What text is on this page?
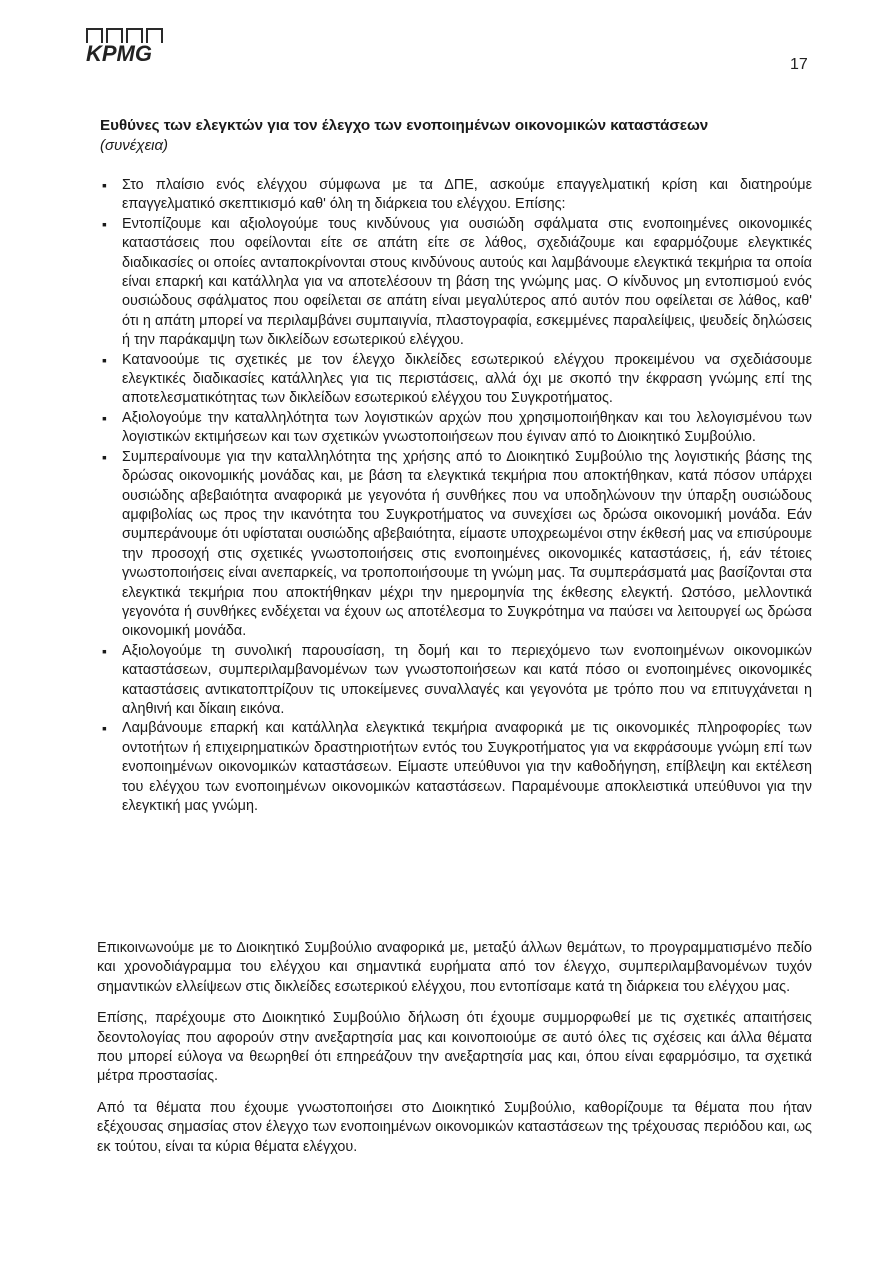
KPMG	17
Ευθύνες των ελεγκτών για τον έλεγχο των ενοποιημένων οικονομικών καταστάσεων
(συνέχεια)
▪ Στο πλαίσιο ενός ελέγχου σύμφωνα με τα ΔΠΕ, ασκούμε επαγγελματική κρίση και διατηρούμε επαγγελματικό σκεπτικισμό καθ' όλη τη διάρκεια του ελέγχου. Επίσης:
▪ Εντοπίζουμε και αξιολογούμε τους κινδύνους για ουσιώδη σφάλματα στις ενοποιημένες οικονομικές καταστάσεις που οφείλονται είτε σε απάτη είτε σε λάθος, σχεδιάζουμε και εφαρμόζουμε ελεγκτικές διαδικασίες οι οποίες ανταποκρίνονται στους κινδύνους αυτούς και λαμβάνουμε ελεγκτικά τεκμήρια τα οποία είναι επαρκή και κατάλληλα για να αποτελέσουν τη βάση της γνώμης μας. Ο κίνδυνος μη εντοπισμού ενός ουσιώδους σφάλματος που οφείλεται σε απάτη είναι μεγαλύτερος από αυτόν που οφείλεται σε λάθος, καθ' ότι η απάτη μπορεί να περιλαμβάνει συμπαιγνία, πλαστογραφία, εσκεμμένες παραλείψεις, ψευδείς δηλώσεις ή την παράκαμψη των δικλείδων εσωτερικού ελέγχου.
▪ Κατανοούμε τις σχετικές με τον έλεγχο δικλείδες εσωτερικού ελέγχου προκειμένου να σχεδιάσουμε ελεγκτικές διαδικασίες κατάλληλες για τις περιστάσεις, αλλά όχι με σκοπό την έκφραση γνώμης επί της αποτελεσματικότητας των δικλείδων εσωτερικού ελέγχου του Συγκροτήματος.
▪ Αξιολογούμε την καταλληλότητα των λογιστικών αρχών που χρησιμοποιήθηκαν και του λελογισμένου των λογιστικών εκτιμήσεων και των σχετικών γνωστοποιήσεων που έγιναν από το Διοικητικό Συμβούλιο.
▪ Συμπεραίνουμε για την καταλληλότητα της χρήσης από το Διοικητικό Συμβούλιο της λογιστικής βάσης της δρώσας οικονομικής μονάδας και, με βάση τα ελεγκτικά τεκμήρια που αποκτήθηκαν, κατά πόσον υπάρχει ουσιώδης αβεβαιότητα αναφορικά με γεγονότα ή συνθήκες που να υποδηλώνουν την ύπαρξη ουσιώδους αμφιβολίας ως προς την ικανότητα του Συγκροτήματος να συνεχίσει ως δρώσα οικονομική μονάδα. Εάν συμπεράνουμε ότι υφίσταται ουσιώδης αβεβαιότητα, είμαστε υποχρεωμένοι στην έκθεσή μας να επισύρουμε την προσοχή στις σχετικές γνωστοποιήσεις στις ενοποιημένες οικονομικές καταστάσεις, ή, εάν τέτοιες γνωστοποιήσεις είναι ανεπαρκείς, να τροποποιήσουμε τη γνώμη μας. Τα συμπεράσματά μας βασίζονται στα ελεγκτικά τεκμήρια που αποκτήθηκαν μέχρι την ημερομηνία της έκθεσης ελεγκτή. Ωστόσο, μελλοντικά γεγονότα ή συνθήκες ενδέχεται να έχουν ως αποτέλεσμα το Συγκρότημα να παύσει να λειτουργεί ως δρώσα οικονομική μονάδα.
▪ Αξιολογούμε τη συνολική παρουσίαση, τη δομή και το περιεχόμενο των ενοποιημένων οικονομικών καταστάσεων, συμπεριλαμβανομένων των γνωστοποιήσεων και κατά πόσο οι ενοποιημένες οικονομικές καταστάσεις αντικατοπτρίζουν τις υποκείμενες συναλλαγές και γεγονότα με τρόπο που να επιτυγχάνεται η αληθινή και δίκαιη εικόνα.
▪ Λαμβάνουμε επαρκή και κατάλληλα ελεγκτικά τεκμήρια αναφορικά με τις οικονομικές πληροφορίες των οντοτήτων ή επιχειρηματικών δραστηριοτήτων εντός του Συγκροτήματος για να εκφράσουμε γνώμη επί των ενοποιημένων οικονομικών καταστάσεων. Είμαστε υπεύθυνοι για την καθοδήγηση, επίβλεψη και εκτέλεση του ελέγχου των ενοποιημένων οικονομικών καταστάσεων. Παραμένουμε αποκλειστικά υπεύθυνοι για την ελεγκτική μας γνώμη.

Επικοινωνούμε με το Διοικητικό Συμβούλιο αναφορικά με, μεταξύ άλλων θεμάτων, το προγραμματισμένο πεδίο και χρονοδιάγραμμα του ελέγχου και σημαντικά ευρήματα από τον έλεγχο, συμπεριλαμβανομένων τυχόν σημαντικών ελλείψεων στις δικλείδες εσωτερικού ελέγχου, που εντοπίσαμε κατά τη διάρκεια του ελέγχου μας.

Επίσης, παρέχουμε στο Διοικητικό Συμβούλιο δήλωση ότι έχουμε συμμορφωθεί με τις σχετικές απαιτήσεις δεοντολογίας που αφορούν στην ανεξαρτησία μας και κοινοποιούμε σε αυτό όλες τις σχέσεις και άλλα θέματα που μπορεί εύλογα να θεωρηθεί ότι επηρεάζουν την ανεξαρτησία μας και, όπου είναι εφαρμόσιμο, τα σχετικά μέτρα προστασίας.

Από τα θέματα που έχουμε γνωστοποιήσει στο Διοικητικό Συμβούλιο, καθορίζουμε τα θέματα που ήταν εξέχουσας σημασίας στον έλεγχο των ενοποιημένων οικονομικών καταστάσεων της τρέχουσας περιόδου και, ως εκ τούτου, είναι τα κύρια θέματα ελέγχου.
